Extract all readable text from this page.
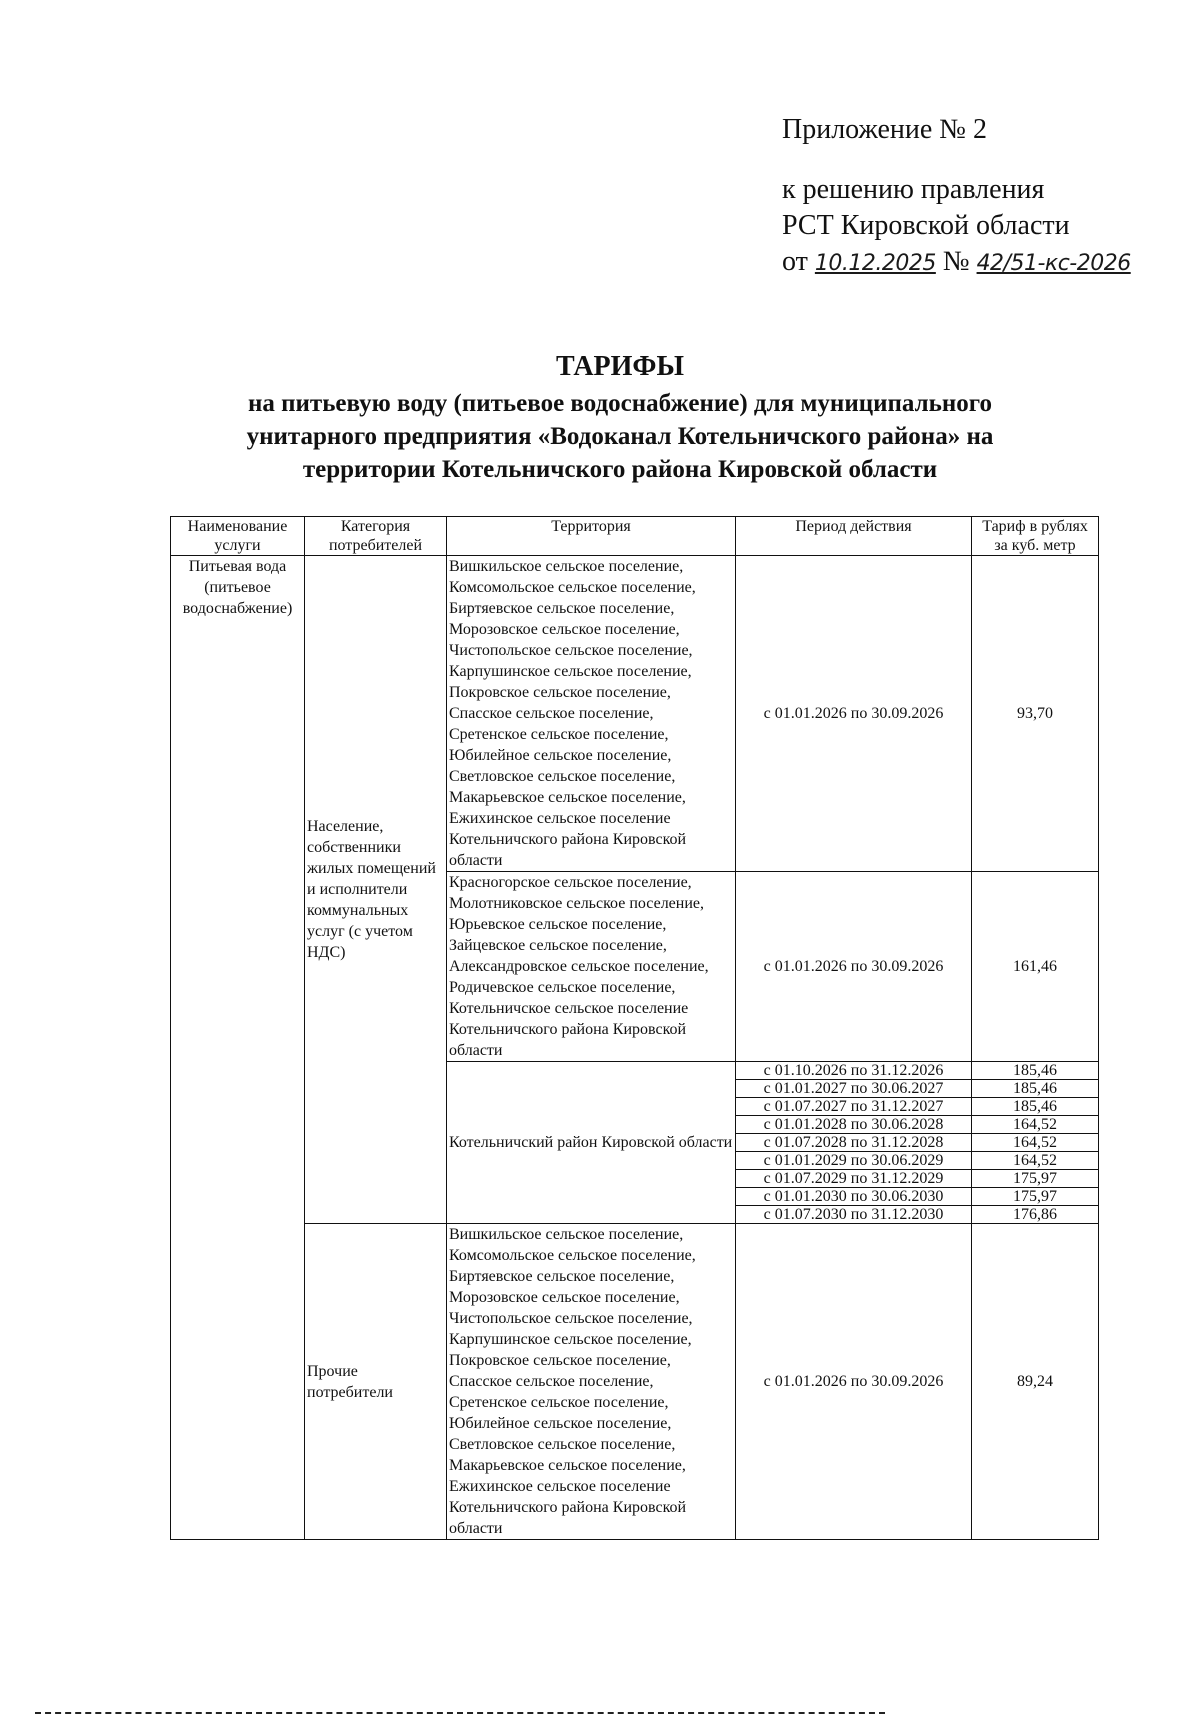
Приложение № 2
к решению правления
РСТ Кировской области
от 10.12.2025 № 42/51-кс-2026
ТАРИФЫ
на питьевую воду (питьевое водоснабжение) для муниципального
унитарного предприятия «Водоканал Котельничского района» на
территории Котельничского района Кировской области
Наименование услуги	Категория потребителей	Территория	Период действия	Тариф в рублях за куб. метр
Питьевая вода (питьевое водоснабжение)	Население, собственники жилых помещений и исполнители коммунальных услуг (с учетом НДС)	Вишкильское сельское поселение, Комсомольское сельское поселение, Биртяевское сельское поселение, Морозовское сельское поселение, Чистопольское сельское поселение, Карпушинское сельское поселение, Покровское сельское поселение, Спасское сельское поселение, Сретенское сельское поселение, Юбилейное сельское поселение, Светловское сельское поселение, Макарьевское сельское поселение, Ежихинское сельское поселение Котельничского района Кировской области	с 01.01.2026 по 30.09.2026	93,70
		Красногорское сельское поселение, Молотниковское сельское поселение, Юрьевское сельское поселение, Зайцевское сельское поселение, Александровское сельское поселение, Родичевское сельское поселение, Котельничское сельское поселение Котельничского района Кировской области	с 01.01.2026 по 30.09.2026	161,46
		Котельничский район Кировской области	с 01.10.2026 по 31.12.2026	185,46
			с 01.01.2027 по 30.06.2027	185,46
			с 01.07.2027 по 31.12.2027	185,46
			с 01.01.2028 по 30.06.2028	164,52
			с 01.07.2028 по 31.12.2028	164,52
			с 01.01.2029 по 30.06.2029	164,52
			с 01.07.2029 по 31.12.2029	175,97
			с 01.01.2030 по 30.06.2030	175,97
			с 01.07.2030 по 31.12.2030	176,86
	Прочие потребители	Вишкильское сельское поселение, Комсомольское сельское поселение, Биртяевское сельское поселение, Морозовское сельское поселение, Чистопольское сельское поселение, Карпушинское сельское поселение, Покровское сельское поселение, Спасское сельское поселение, Сретенское сельское поселение, Юбилейное сельское поселение, Светловское сельское поселение, Макарьевское сельское поселение, Ежихинское сельское поселение Котельничского района Кировской области	с 01.01.2026 по 30.09.2026	89,24
